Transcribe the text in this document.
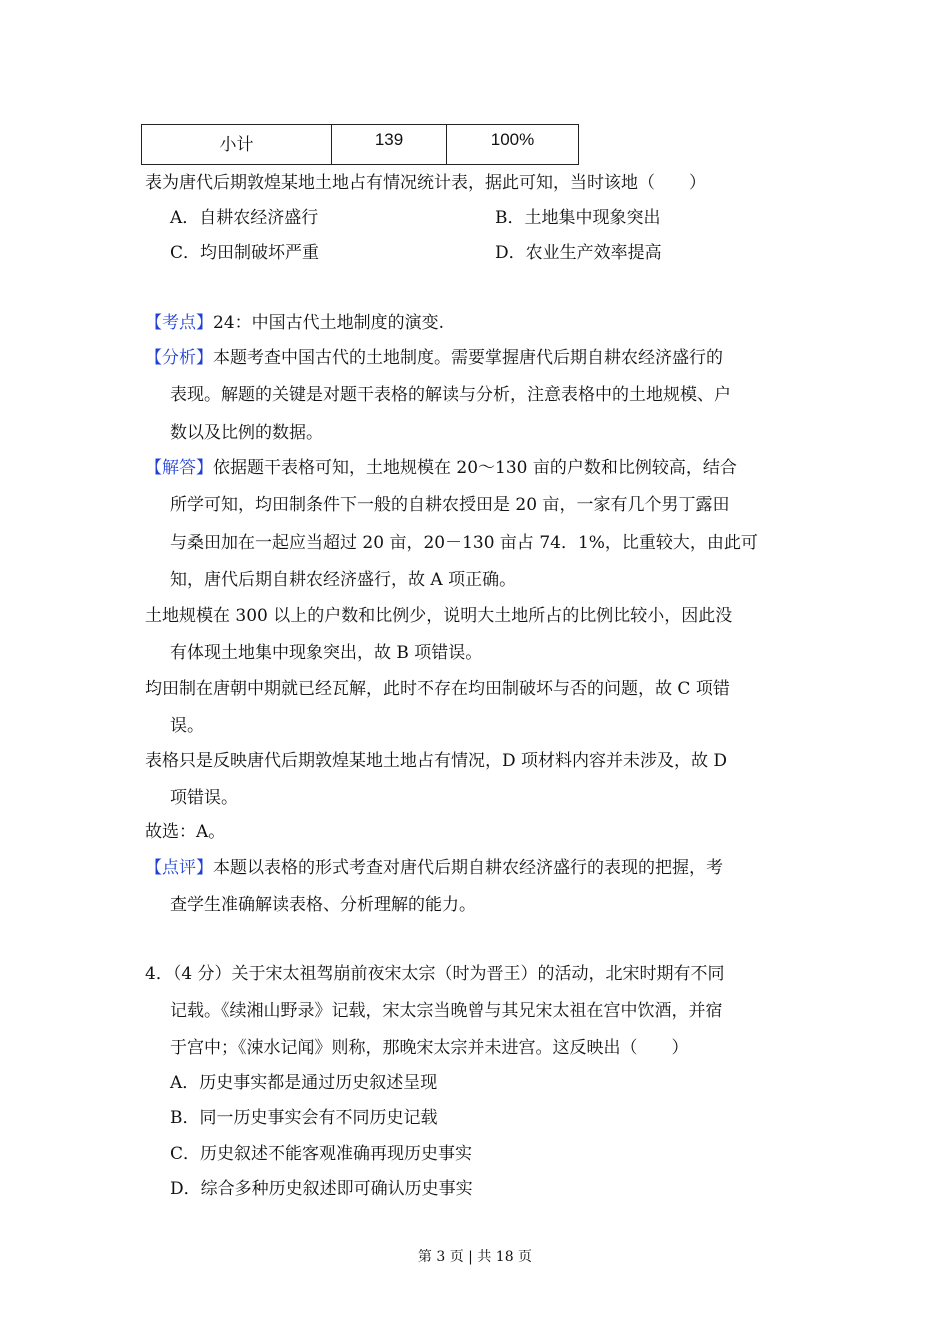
小计	139	100%
表为唐代后期敦煌某地土地占有情况统计表，据此可知，当时该地（　　）
A．自耕农经济盛行	B．土地集中现象突出
C．均田制破坏严重	D．农业生产效率提高
【考点】24：中国古代土地制度的演变.
【分析】本题考查中国古代的土地制度。需要掌握唐代后期自耕农经济盛行的
表现。解题的关键是对题干表格的解读与分析，注意表格中的土地规模、户
数以及比例的数据。
【解答】依据题干表格可知，土地规模在 20～130 亩的户数和比例较高，结合
所学可知，均田制条件下一般的自耕农授田是 20 亩，一家有几个男丁露田
与桑田加在一起应当超过 20 亩，20－130 亩占 74．1%，比重较大，由此可
知，唐代后期自耕农经济盛行，故 A 项正确。
土地规模在 300 以上的户数和比例少，说明大土地所占的比例比较小，因此没
有体现土地集中现象突出，故 B 项错误。
均田制在唐朝中期就已经瓦解，此时不存在均田制破坏与否的问题，故 C 项错
误。
表格只是反映唐代后期敦煌某地土地占有情况，D 项材料内容并未涉及，故 D
项错误。
故选：A。
【点评】本题以表格的形式考查对唐代后期自耕农经济盛行的表现的把握，考
查学生准确解读表格、分析理解的能力。
4．（4 分）关于宋太祖驾崩前夜宋太宗（时为晋王）的活动，北宋时期有不同
记载。《续湘山野录》记载，宋太宗当晚曾与其兄宋太祖在宫中饮酒，并宿
于宫中；《涑水记闻》则称，那晚宋太宗并未进宫。这反映出（　　）
A．历史事实都是通过历史叙述呈现
B．同一历史事实会有不同历史记载
C．历史叙述不能客观准确再现历史事实
D．综合多种历史叙述即可确认历史事实
第 3 页 | 共 18 页
